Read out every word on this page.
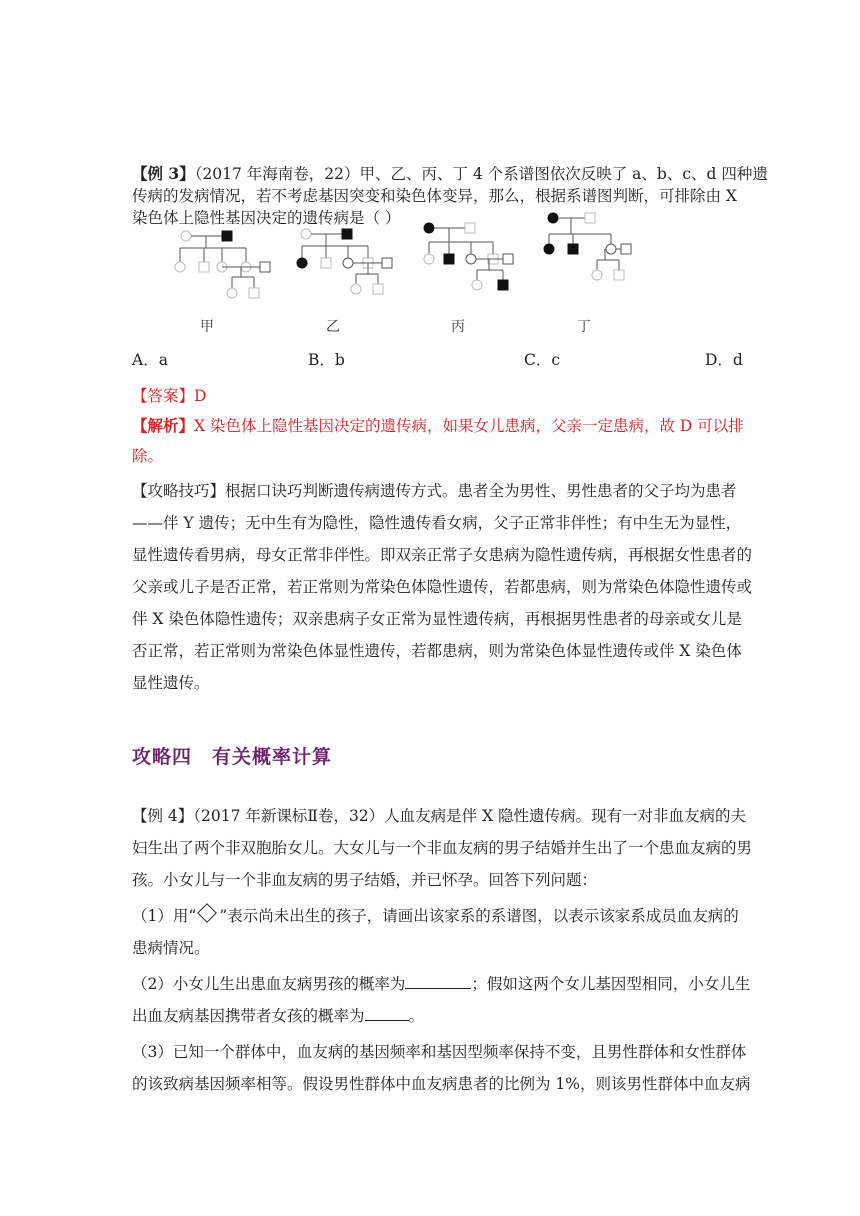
【例 3】（2017 年海南卷，22）甲、乙、丙、丁 4 个系谱图依次反映了 a、b、c、d 四种遗
传病的发病情况，若不考虑基因突变和染色体变异，那么，根据系谱图判断，可排除由 X
染色体上隐性基因决定的遗传病是（ ）
甲	乙	丙	丁
A．a	B．b	C．c	D．d
【答案】D
【解析】X 染色体上隐性基因决定的遗传病，如果女儿患病，父亲一定患病，故 D 可以排
除。
【攻略技巧】根据口诀巧判断遗传病遗传方式。患者全为男性、男性患者的父子均为患者
——伴 Y 遗传；无中生有为隐性，隐性遗传看女病，父子正常非伴性；有中生无为显性，
显性遗传看男病，母女正常非伴性。即双亲正常子女患病为隐性遗传病，再根据女性患者的
父亲或儿子是否正常，若正常则为常染色体隐性遗传，若都患病，则为常染色体隐性遗传或
伴 X 染色体隐性遗传；双亲患病子女正常为显性遗传病，再根据男性患者的母亲或女儿是
否正常，若正常则为常染色体显性遗传，若都患病，则为常染色体显性遗传或伴 X 染色体
显性遗传。
攻略四　有关概率计算
【例 4】（2017 年新课标Ⅱ卷，32）人血友病是伴 X 隐性遗传病。现有一对非血友病的夫
妇生出了两个非双胞胎女儿。大女儿与一个非血友病的男子结婚并生出了一个患血友病的男
孩。小女儿与一个非血友病的男子结婚，并已怀孕。回答下列问题：
（1）用“ ”表示尚未出生的孩子，请画出该家系的系谱图，以表示该家系成员血友病的
患病情况。
（2）小女儿生出患血友病男孩的概率为	；假如这两个女儿基因型相同，小女儿生
出血友病基因携带者女孩的概率为	。
（3）已知一个群体中，血友病的基因频率和基因型频率保持不变，且男性群体和女性群体
的该致病基因频率相等。假设男性群体中血友病患者的比例为 1%，则该男性群体中血友病
